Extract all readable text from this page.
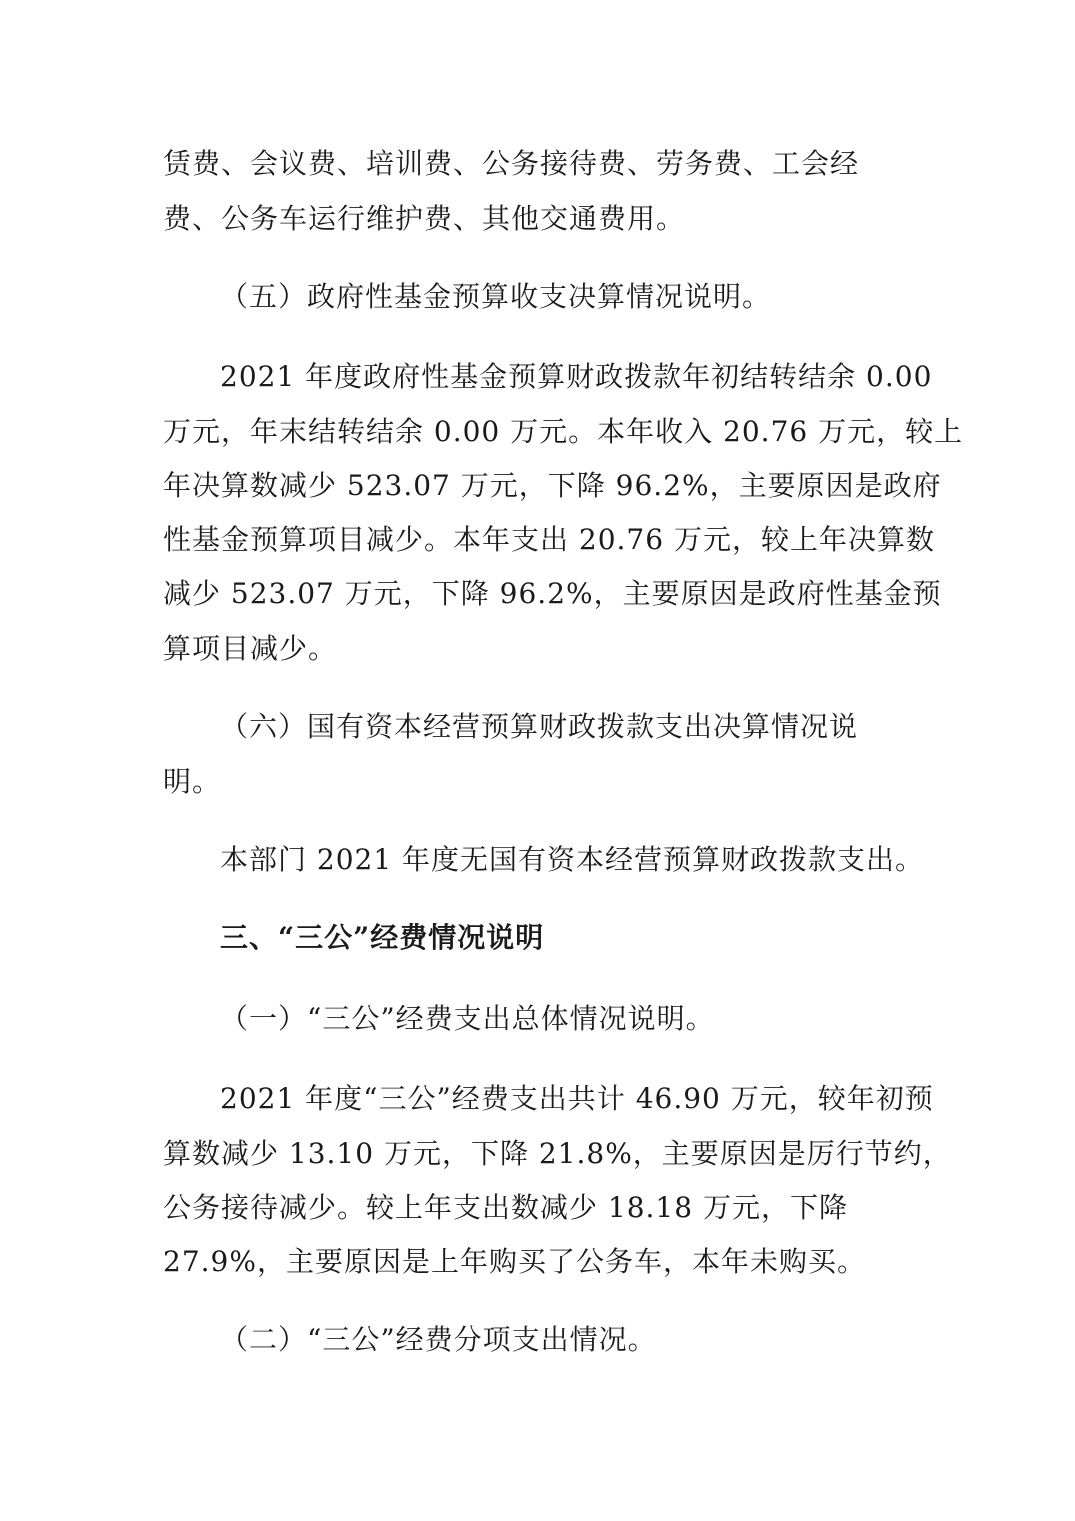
赁费、会议费、培训费、公务接待费、劳务费、工会经
费、公务车运行维护费、其他交通费用。
（五）政府性基金预算收支决算情况说明。
2021 年度政府性基金预算财政拨款年初结转结余 0.00
万元，年末结转结余 0.00 万元。本年收入 20.76 万元，较上
年决算数减少 523.07 万元，下降 96.2%，主要原因是政府
性基金预算项目减少。本年支出 20.76 万元，较上年决算数
减少 523.07 万元，下降 96.2%，主要原因是政府性基金预
算项目减少。
（六）国有资本经营预算财政拨款支出决算情况说
明。
本部门 2021 年度无国有资本经营预算财政拨款支出。
三、“三公”经费情况说明
（一）“三公”经费支出总体情况说明。
2021 年度“三公”经费支出共计 46.90 万元，较年初预
算数减少 13.10 万元，下降 21.8%，主要原因是厉行节约，
公务接待减少。较上年支出数减少 18.18 万元，下降
27.9%，主要原因是上年购买了公务车，本年未购买。
（二）“三公”经费分项支出情况。
